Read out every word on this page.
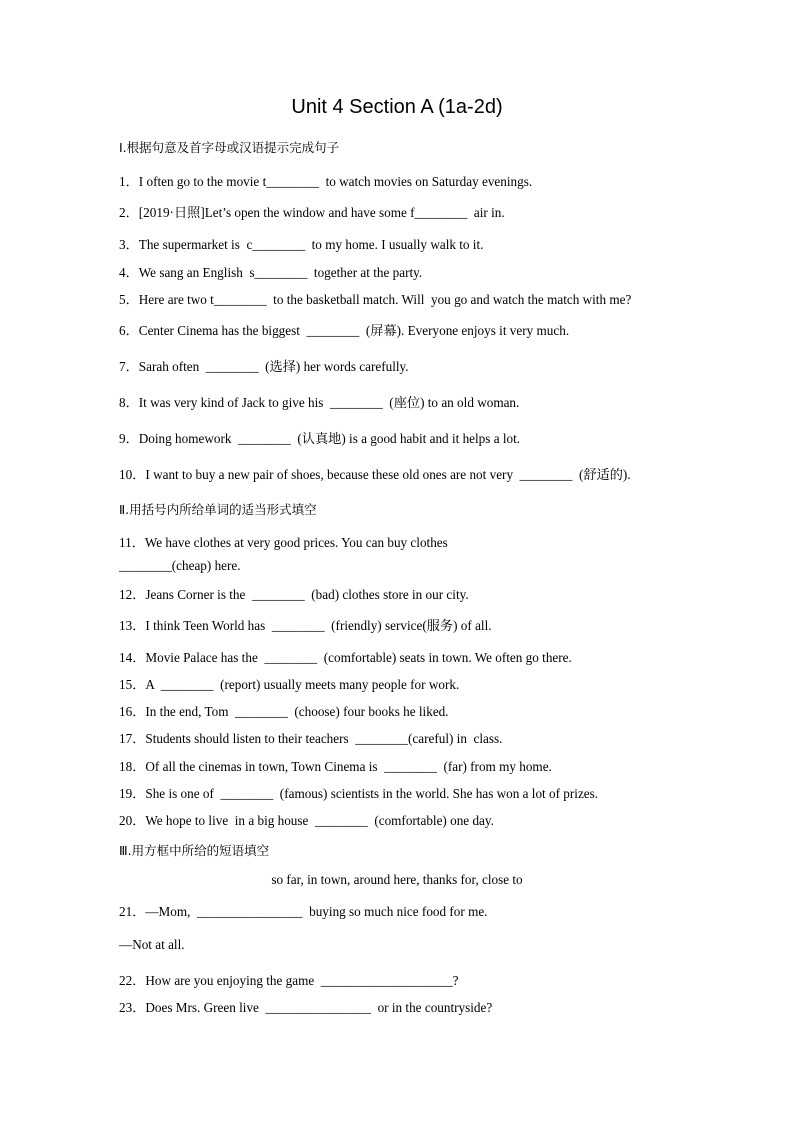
Unit 4 Section A (1a-2d)
Ⅰ.根据句意及首字母或汉语提示完成句子
1．I often go to the movie t________  to watch movies on Saturday evenings.
2．[2019·日照]Let’s open the window and have some f________  air in.
3．The supermarket is  c________  to my home. I usually walk to it.
4．We sang an English  s________  together at the party.
5．Here are two t________  to the basketball match. Will  you go and watch the match with me?
6．Center Cinema has the biggest  ________  (屏幕). Everyone enjoys it very much.
7．Sarah often  ________  (选择) her words carefully.
8．It was very kind of Jack to give his  ________  (座位) to an old woman.
9．Doing homework  ________  (认真地) is a good habit and it helps a lot.
10．I want to buy a new pair of shoes, because these old ones are not very  ________  (舒适的).
Ⅱ.用括号内所给单词的适当形式填空
11．We have clothes at very good prices. You can buy clothes
________(cheap) here.
12．Jeans Corner is the  ________  (bad) clothes store in our city.
13．I think Teen World has  ________  (friendly) service(服务) of all.
14．Movie Palace has the  ________  (comfortable) seats in town. We often go there.
15．A  ________  (report) usually meets many people for work.
16．In the end, Tom  ________  (choose) four books he liked.
17．Students should listen to their teachers  ________(careful) in  class.
18．Of all the cinemas in town, Town Cinema is  ________  (far) from my home.
19．She is one of  ________  (famous) scientists in the world. She has won a lot of prizes.
20．We hope to live  in a big house  ________  (comfortable) one day.
Ⅲ.用方框中所给的短语填空
so far, in town, around here, thanks for, close to
21．—Mom,  ________________  buying so much nice food for me.
—Not at all.
22．How are you enjoying the game  ____________________?
23．Does Mrs. Green live  ________________  or in the countryside?
